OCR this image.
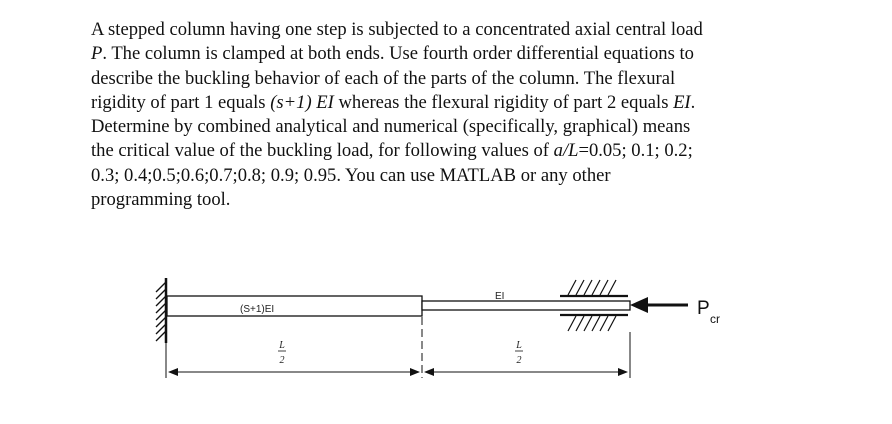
A stepped column having one step is subjected to a concentrated axial central load
P. The column is clamped at both ends. Use fourth order differential equations to
describe the buckling behavior of each of the parts of the column. The flexural
rigidity of part 1 equals (s+1) EI whereas the flexural rigidity of part 2 equals EI.
Determine by combined analytical and numerical (specifically, graphical) means
the critical value of the buckling load, for following values of a/L=0.05; 0.1; 0.2;
0.3; 0.4;0.5;0.6;0.7;0.8; 0.9; 0.95. You can use MATLAB or any other
programming tool.

(S+1)EI
EI
P cr
L
2
L
2
